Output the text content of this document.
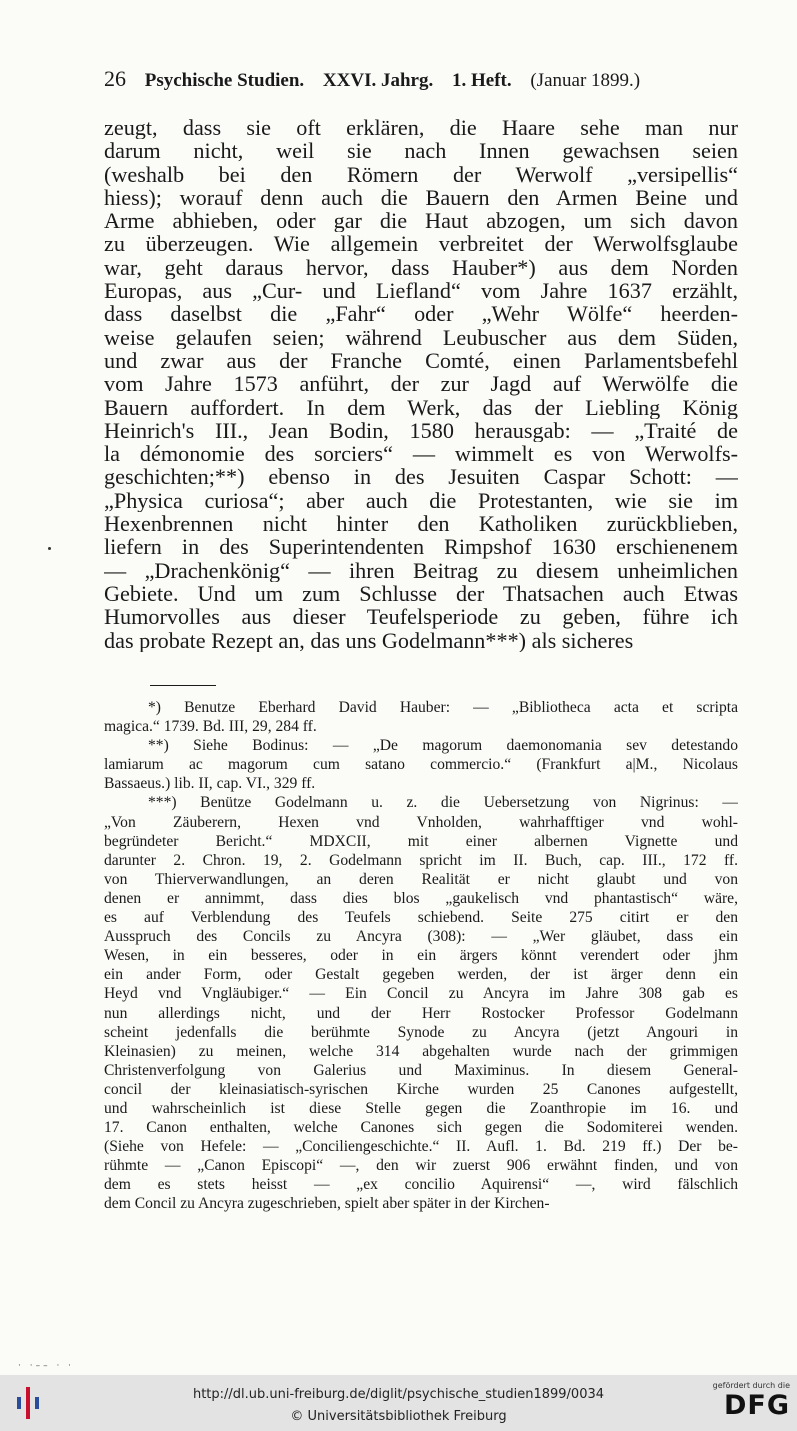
26 Psychische Studien. XXVI. Jahrg. 1. Heft. (Januar 1899.)
zeugt, dass sie oft erklären, die Haare sehe man nur
darum nicht, weil sie nach Innen gewachsen seien
(weshalb bei den Römern der Werwolf „versipellis“
hiess); worauf denn auch die Bauern den Armen Beine und
Arme abhieben, oder gar die Haut abzogen, um sich davon
zu überzeugen. Wie allgemein verbreitet der Werwolfsglaube
war, geht daraus hervor, dass Hauber*) aus dem Norden
Europas, aus „Cur- und Liefland“ vom Jahre 1637 erzählt,
dass daselbst die „Fahr“ oder „Wehr Wölfe“ heerden-
weise gelaufen seien; während Leubuscher aus dem Süden,
und zwar aus der Franche Comté, einen Parlamentsbefehl
vom Jahre 1573 anführt, der zur Jagd auf Werwölfe die
Bauern auffordert. In dem Werk, das der Liebling König
Heinrich's III., Jean Bodin, 1580 herausgab: — „Traité de
la démonomie des sorciers“ — wimmelt es von Werwolfs-
geschichten;**) ebenso in des Jesuiten Caspar Schott: —
„Physica curiosa“; aber auch die Protestanten, wie sie im
Hexenbrennen nicht hinter den Katholiken zurückblieben,
liefern in des Superintendenten Rimpshof 1630 erschienenem
— „Drachenkönig“ — ihren Beitrag zu diesem unheimlichen
Gebiete. Und um zum Schlusse der Thatsachen auch Etwas
Humorvolles aus dieser Teufelsperiode zu geben, führe ich
das probate Rezept an, das uns Godelmann***) als sicheres
*) Benutze Eberhard David Hauber: — „Bibliotheca acta et scripta
magica.“ 1739. Bd. III, 29, 284 ff.
**) Siehe Bodinus: — „De magorum daemonomania sev detestando
lamiarum ac magorum cum satano commercio.“ (Frankfurt a|M., Nicolaus
Bassaeus.) lib. II, cap. VI., 329 ff.
***) Benütze Godelmann u. z. die Uebersetzung von Nigrinus: —
„Von Zäuberern, Hexen vnd Vnholden, wahrhafftiger vnd wohl-
begründeter Bericht.“ MDXCII, mit einer albernen Vignette und
darunter 2. Chron. 19, 2. Godelmann spricht im II. Buch, cap. III., 172 ff.
von Thierverwandlungen, an deren Realität er nicht glaubt und von
denen er annimmt, dass dies blos „gaukelisch vnd phantastisch“ wäre,
es auf Verblendung des Teufels schiebend. Seite 275 citirt er den
Ausspruch des Concils zu Ancyra (308): — „Wer gläubet, dass ein
Wesen, in ein besseres, oder in ein ärgers könnt verendert oder jhm
ein ander Form, oder Gestalt gegeben werden, der ist ärger denn ein
Heyd vnd Vngläubiger.“ — Ein Concil zu Ancyra im Jahre 308 gab es
nun allerdings nicht, und der Herr Rostocker Professor Godelmann
scheint jedenfalls die berühmte Synode zu Ancyra (jetzt Angouri in
Kleinasien) zu meinen, welche 314 abgehalten wurde nach der grimmigen
Christenverfolgung von Galerius und Maximinus. In diesem General-
concil der kleinasiatisch-syrischen Kirche wurden 25 Canones aufgestellt,
und wahrscheinlich ist diese Stelle gegen die Zoanthropie im 16. und
17. Canon enthalten, welche Canones sich gegen die Sodomiterei wenden.
(Siehe von Hefele: — „Conciliengeschichte.“ II. Aufl. 1. Bd. 219 ff.) Der be-
rühmte — „Canon Episcopi“ —, den wir zuerst 906 erwähnt finden, und von
dem es stets heisst — „ex concilio Aquirensi“ —, wird fälschlich
dem Concil zu Ancyra zugeschrieben, spielt aber später in der Kirchen-
· ·–– · ·
http://dl.ub.uni-freiburg.de/diglit/psychische_studien1899/0034
© Universitätsbibliothek Freiburg
gefördert durch die
DFG
